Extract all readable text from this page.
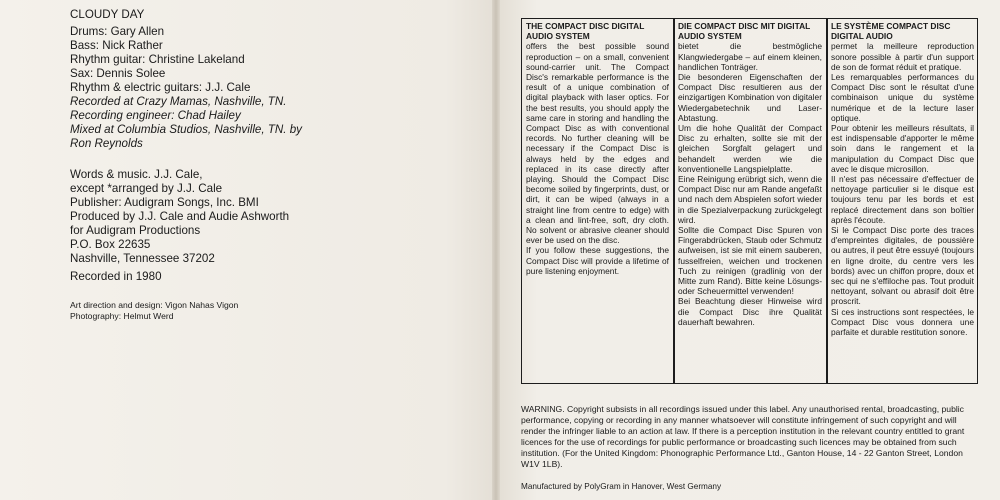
CLOUDY DAY
Drums: Gary Allen
Bass: Nick Rather
Rhythm guitar: Christine Lakeland
Sax: Dennis Solee
Rhythm & electric guitars: J.J. Cale
Recorded at Crazy Mamas, Nashville, TN.
Recording engineer: Chad Hailey
Mixed at Columbia Studios, Nashville, TN. by
Ron Reynolds
Words & music. J.J. Cale,
except *arranged by J.J. Cale
Publisher: Audigram Songs, Inc. BMI
Produced by J.J. Cale and Audie Ashworth
for Audigram Productions
P.O. Box 22635
Nashville, Tennessee 37202
Recorded in 1980
Art direction and design: Vigon Nahas Vigon
Photography: Helmut Werd
THE COMPACT DISC DIGITAL AUDIO SYSTEM

offers the best possible sound reproduction – on a small, convenient sound-carrier unit. The Compact Disc's remarkable performance is the result of a unique combination of digital playback with laser optics. For the best results, you should apply the same care in storing and handling the Compact Disc as with conventional records. No further cleaning will be necessary if the Compact Disc is always held by the edges and replaced in its case directly after playing. Should the Compact Disc become soiled by fingerprints, dust, or dirt, it can be wiped (always in a straight line from centre to edge) with a clean and lint-free, soft, dry cloth. No solvent or abrasive cleaner should ever be used on the disc.

If you follow these suggestions, the Compact Disc will provide a lifetime of pure listening enjoyment.

DIE COMPACT DISC MIT DIGITAL AUDIO SYSTEM

bietet die bestmögliche Klangwiedergabe – auf einem kleinen, handlichen Tonträger.

Die besonderen Eigenschaften der Compact Disc resultieren aus der einzigartigen Kombination von digitaler Wiedergabetechnik und Laser-Abtastung.

Um die hohe Qualität der Compact Disc zu erhalten, sollte sie mit der gleichen Sorgfalt gelagert und behandelt werden wie die konventionelle Langspielplatte.

Eine Reinigung erübrigt sich, wenn die Compact Disc nur am Rande angefaßt und nach dem Abspielen sofort wieder in die Spezialverpackung zurückgelegt wird.

Sollte die Compact Disc Spuren von Fingerabdrücken, Staub oder Schmutz aufweisen, ist sie mit einem sauberen, fusselfreien, weichen und trockenen Tuch zu reinigen (gradlinig von der Mitte zum Rand). Bitte keine Lösungs- oder Scheuermittel verwenden!

Bei Beachtung dieser Hinweise wird die Compact Disc ihre Qualität dauerhaft bewahren.

LE SYSTÈME COMPACT DISC DIGITAL AUDIO

permet la meilleure reproduction sonore possible à partir d'un support de son de format réduit et pratique.

Les remarquables performances du Compact Disc sont le résultat d'une combinaison unique du système numérique et de la lecture laser optique.

Pour obtenir les meilleurs résultats, il est indispensable d'apporter le même soin dans le rangement et la manipulation du Compact Disc que avec le disque microsillon.

Il n'est pas nécessaire d'effectuer de nettoyage particulier si le disque est toujours tenu par les bords et est replacé directement dans son boîtier après l'écoute.

Si le Compact Disc porte des traces d'empreintes digitales, de poussière ou autres, il peut être essuyé (toujours en ligne droite, du centre vers les bords) avec un chiffon propre, doux et sec qui ne s'effiloche pas. Tout produit nettoyant, solvant ou abrasif doit être proscrit.

Si ces instructions sont respectées, le Compact Disc vous donnera une parfaite et durable restitution sonore.

WARNING. Copyright subsists in all recordings issued under this label. Any unauthorised rental, broadcasting, public performance, copying or recording in any manner whatsoever will constitute infringement of such copyright and will render the infringer liable to an action at law. If there is a perception institution in the relevant country entitled to grant licences for the use of recordings for public performance or broadcasting such licences may be obtained from such institution. (For the United Kingdom: Phonographic Performance Ltd., Ganton House, 14 - 22 Ganton Street, London W1V 1LB).

Manufactured by PolyGram in Hanover, West Germany
